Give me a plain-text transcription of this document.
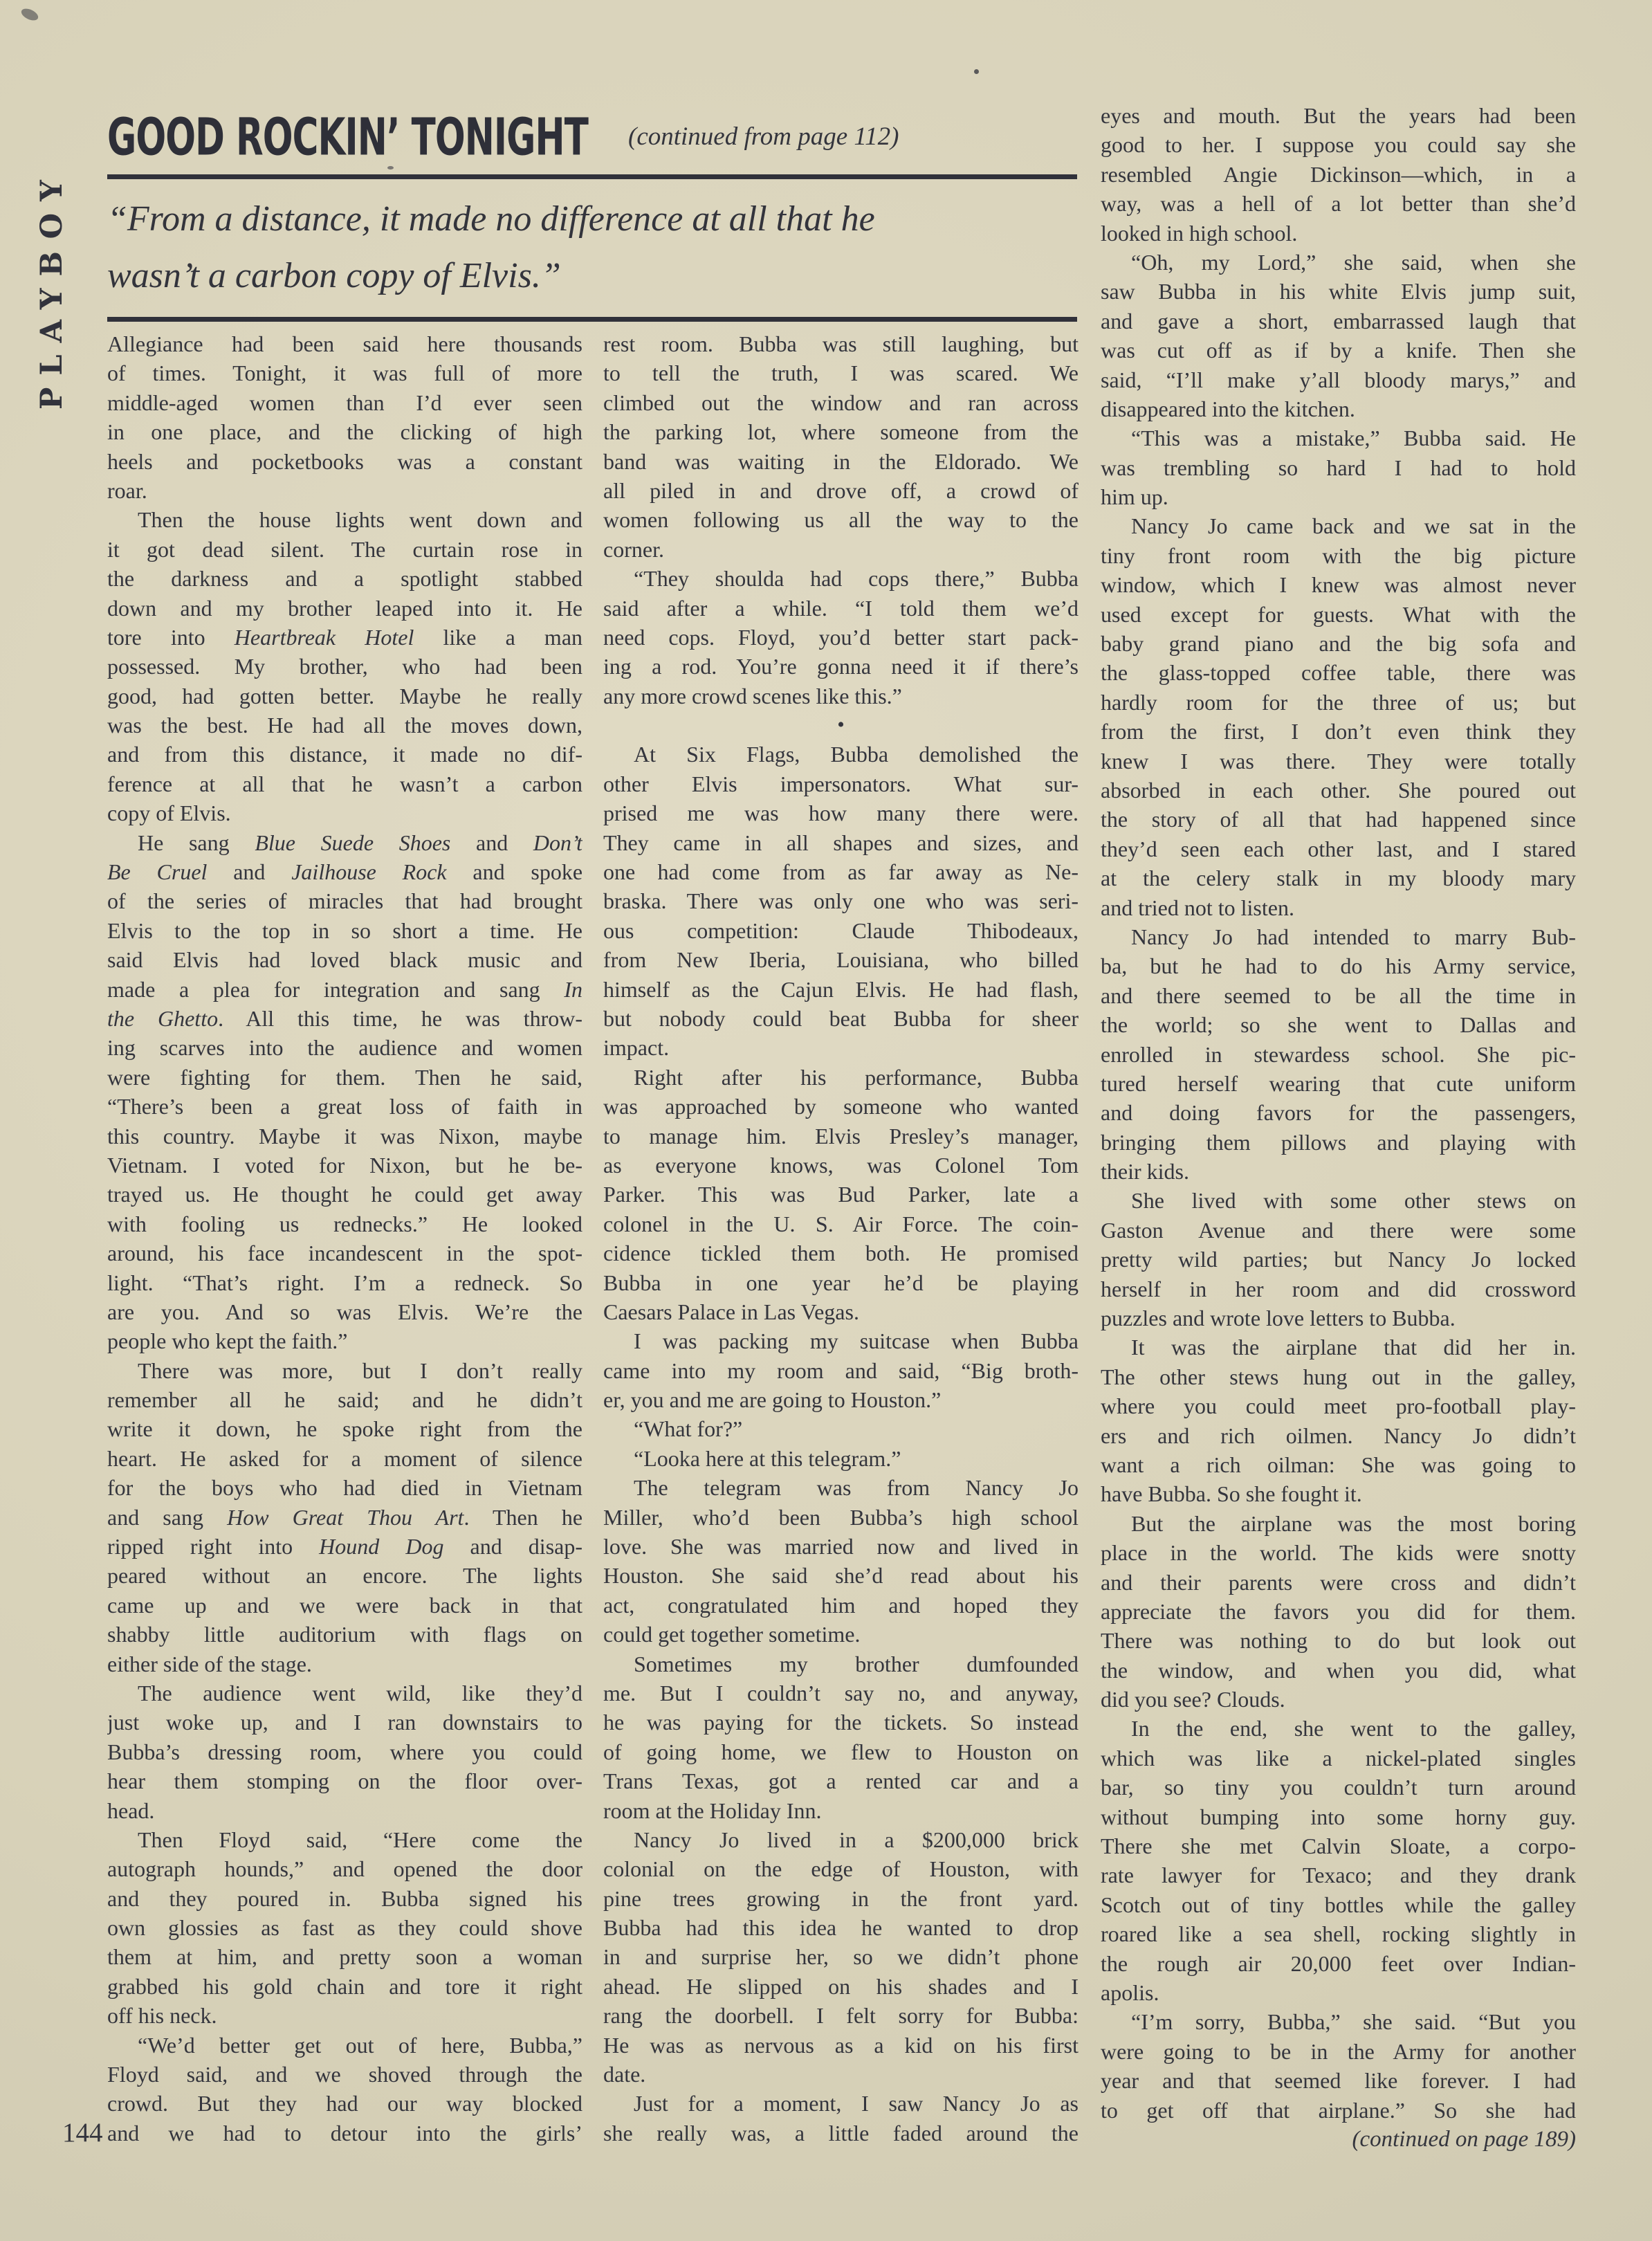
PLAYBOY
GOOD ROCKIN’ TONIGHT (continued from page 112)
“From a distance, it made no difference at all that he
wasn’t a carbon copy of Elvis.”
Allegiance had been said here thousands
of times. Tonight, it was full of more
middle-aged women than I’d ever seen
in one place, and the clicking of high
heels and pocketbooks was a constant
roar.
Then the house lights went down and
it got dead silent. The curtain rose in
the darkness and a spotlight stabbed
down and my brother leaped into it. He
tore into Heartbreak Hotel like a man
possessed. My brother, who had been
good, had gotten better. Maybe he really
was the best. He had all the moves down,
and from this distance, it made no dif-
ference at all that he wasn’t a carbon
copy of Elvis.
He sang Blue Suede Shoes and Don’t
Be Cruel and Jailhouse Rock and spoke
of the series of miracles that had brought
Elvis to the top in so short a time. He
said Elvis had loved black music and
made a plea for integration and sang In
the Ghetto. All this time, he was throw-
ing scarves into the audience and women
were fighting for them. Then he said,
“There’s been a great loss of faith in
this country. Maybe it was Nixon, maybe
Vietnam. I voted for Nixon, but he be-
trayed us. He thought he could get away
with fooling us rednecks.” He looked
around, his face incandescent in the spot-
light. “That’s right. I’m a redneck. So
are you. And so was Elvis. We’re the
people who kept the faith.”
There was more, but I don’t really
remember all he said; and he didn’t
write it down, he spoke right from the
heart. He asked for a moment of silence
for the boys who had died in Vietnam
and sang How Great Thou Art. Then he
ripped right into Hound Dog and disap-
peared without an encore. The lights
came up and we were back in that
shabby little auditorium with flags on
either side of the stage.
The audience went wild, like they’d
just woke up, and I ran downstairs to
Bubba’s dressing room, where you could
hear them stomping on the floor over-
head.
Then Floyd said, “Here come the
autograph hounds,” and opened the door
and they poured in. Bubba signed his
own glossies as fast as they could shove
them at him, and pretty soon a woman
grabbed his gold chain and tore it right
off his neck.
“We’d better get out of here, Bubba,”
Floyd said, and we shoved through the
crowd. But they had our way blocked
and we had to detour into the girls’
rest room. Bubba was still laughing, but
to tell the truth, I was scared. We
climbed out the window and ran across
the parking lot, where someone from the
band was waiting in the Eldorado. We
all piled in and drove off, a crowd of
women following us all the way to the
corner.
“They shoulda had cops there,” Bubba
said after a while. “I told them we’d
need cops. Floyd, you’d better start pack-
ing a rod. You’re gonna need it if there’s
any more crowd scenes like this.”
•
At Six Flags, Bubba demolished the
other Elvis impersonators. What sur-
prised me was how many there were.
They came in all shapes and sizes, and
one had come from as far away as Ne-
braska. There was only one who was seri-
ous competition: Claude Thibodeaux,
from New Iberia, Louisiana, who billed
himself as the Cajun Elvis. He had flash,
but nobody could beat Bubba for sheer
impact.
Right after his performance, Bubba
was approached by someone who wanted
to manage him. Elvis Presley’s manager,
as everyone knows, was Colonel Tom
Parker. This was Bud Parker, late a
colonel in the U. S. Air Force. The coin-
cidence tickled them both. He promised
Bubba in one year he’d be playing
Caesars Palace in Las Vegas.
I was packing my suitcase when Bubba
came into my room and said, “Big broth-
er, you and me are going to Houston.”
“What for?”
“Looka here at this telegram.”
The telegram was from Nancy Jo
Miller, who’d been Bubba’s high school
love. She was married now and lived in
Houston. She said she’d read about his
act, congratulated him and hoped they
could get together sometime.
Sometimes my brother dumfounded
me. But I couldn’t say no, and anyway,
he was paying for the tickets. So instead
of going home, we flew to Houston on
Trans Texas, got a rented car and a
room at the Holiday Inn.
Nancy Jo lived in a $200,000 brick
colonial on the edge of Houston, with
pine trees growing in the front yard.
Bubba had this idea he wanted to drop
in and surprise her, so we didn’t phone
ahead. He slipped on his shades and I
rang the doorbell. I felt sorry for Bubba:
He was as nervous as a kid on his first
date.
Just for a moment, I saw Nancy Jo as
she really was, a little faded around the
eyes and mouth. But the years had been
good to her. I suppose you could say she
resembled Angie Dickinson—which, in a
way, was a hell of a lot better than she’d
looked in high school.
“Oh, my Lord,” she said, when she
saw Bubba in his white Elvis jump suit,
and gave a short, embarrassed laugh that
was cut off as if by a knife. Then she
said, “I’ll make y’all bloody marys,” and
disappeared into the kitchen.
“This was a mistake,” Bubba said. He
was trembling so hard I had to hold
him up.
Nancy Jo came back and we sat in the
tiny front room with the big picture
window, which I knew was almost never
used except for guests. What with the
baby grand piano and the big sofa and
the glass-topped coffee table, there was
hardly room for the three of us; but
from the first, I don’t even think they
knew I was there. They were totally
absorbed in each other. She poured out
the story of all that had happened since
they’d seen each other last, and I stared
at the celery stalk in my bloody mary
and tried not to listen.
Nancy Jo had intended to marry Bub-
ba, but he had to do his Army service,
and there seemed to be all the time in
the world; so she went to Dallas and
enrolled in stewardess school. She pic-
tured herself wearing that cute uniform
and doing favors for the passengers,
bringing them pillows and playing with
their kids.
She lived with some other stews on
Gaston Avenue and there were some
pretty wild parties; but Nancy Jo locked
herself in her room and did crossword
puzzles and wrote love letters to Bubba.
It was the airplane that did her in.
The other stews hung out in the galley,
where you could meet pro-football play-
ers and rich oilmen. Nancy Jo didn’t
want a rich oilman: She was going to
have Bubba. So she fought it.
But the airplane was the most boring
place in the world. The kids were snotty
and their parents were cross and didn’t
appreciate the favors you did for them.
There was nothing to do but look out
the window, and when you did, what
did you see? Clouds.
In the end, she went to the galley,
which was like a nickel-plated singles
bar, so tiny you couldn’t turn around
without bumping into some horny guy.
There she met Calvin Sloate, a corpo-
rate lawyer for Texaco; and they drank
Scotch out of tiny bottles while the galley
roared like a sea shell, rocking slightly in
the rough air 20,000 feet over Indian-
apolis.
“I’m sorry, Bubba,” she said. “But you
were going to be in the Army for another
year and that seemed like forever. I had
to get off that airplane.” So she had
(continued on page 189)
144
